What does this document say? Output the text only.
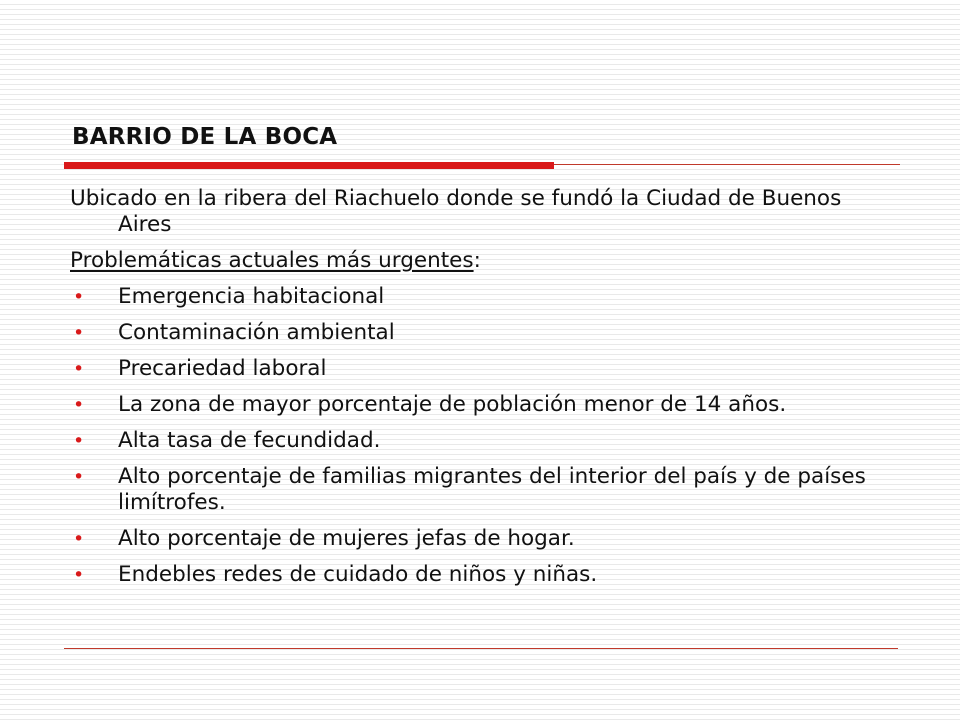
BARRIO DE LA BOCA

Ubicado en la ribera del Riachuelo donde se fundó la Ciudad de Buenos Aires

Problemáticas actuales más urgentes:

• Emergencia habitacional
• Contaminación ambiental
• Precariedad laboral
• La zona de mayor porcentaje de población menor de 14 años.
• Alta tasa de fecundidad.
• Alto porcentaje de familias migrantes del interior del país y de países limítrofes.
• Alto porcentaje de mujeres jefas de hogar.
• Endebles redes de cuidado de niños y niñas.
